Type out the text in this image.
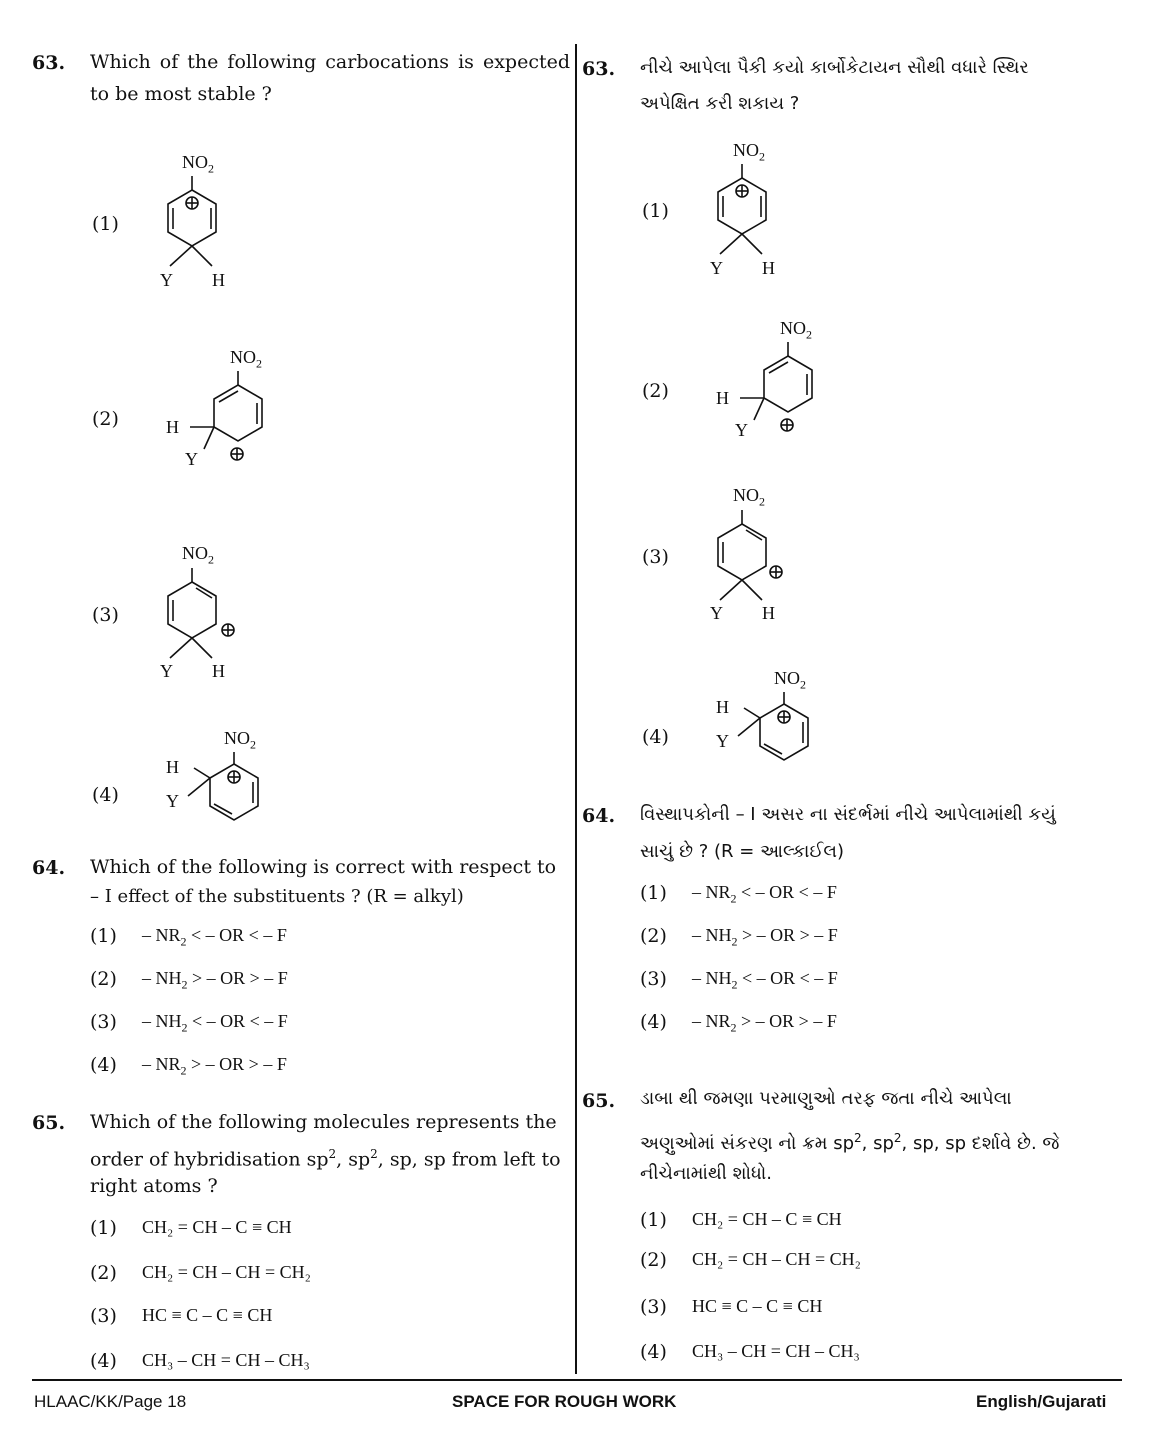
63. Which of the following carbocations is expected to be most stable ?
(1)
(2)
(3)
(4)
$NO_2$
Y H
$NO_2$
H
Y
$NO_2$
Y H
$NO_2$
H
Y
64. Which of the following is correct with respect to
– I effect of the substituents ? (R = alkyl)
$(1) - NR_2$ < – OR < – F
$(2) - NH_2$ > – OR > – F
$(3) - NH_2$ < – OR < – F
$(4) - NR_2$ > – OR > – F
65. Which of the following molecules represents the
order of hybridisation $sp^2$, $sp^2$, sp, sp from left to
right atoms ?
(1) CH₂ = CH – C ≡ CH
(2) CH₂ = CH – CH = CH₂
(3) HC ≡ C – C ≡ CH
(4) CH₃ – CH = CH – CH₃
63. નીચે આપેલા પૈકી કયો કાર્બોકેટાયન સૌથી વધારે સ્થિર
અપેક્ષિત કરી શકાય ?
(1)
(2)
(3)
(4)
$NO_2$
Y H
$NO_2$
H
Y
$NO_2$
Y H
$NO_2$
H
Y
64. વિસ્થાપકોની – I અસર ના સંદર્ભમાં નીચે આપેલામાંથી કયું
સાચું છે ? (R = આલ્કાઈલ)
$(1) - NR_2$ < – OR < – F
$(2) - NH_2$ > – OR > – F
$(3) - NH_2$ < – OR < – F
$(4) - NR_2$ > – OR > – F
65. ડાબા થી જમણા પરમાણુઓ તરફ જતા નીચે આપેલા
અણુઓમાં સંકરણ નો ક્રમ $sp^2$, $sp^2$, sp, sp દર્શાવે છે. જે
નીચેનામાંથી શોધો.
(1) CH₂ = CH – C ≡ CH
(2) CH₂ = CH – CH = CH₂
(3) HC ≡ C – C ≡ CH
(4) CH₃ – CH = CH – CH₃
HLAAC/KK/Page 18	SPACE FOR ROUGH WORK	English/Gujarati
